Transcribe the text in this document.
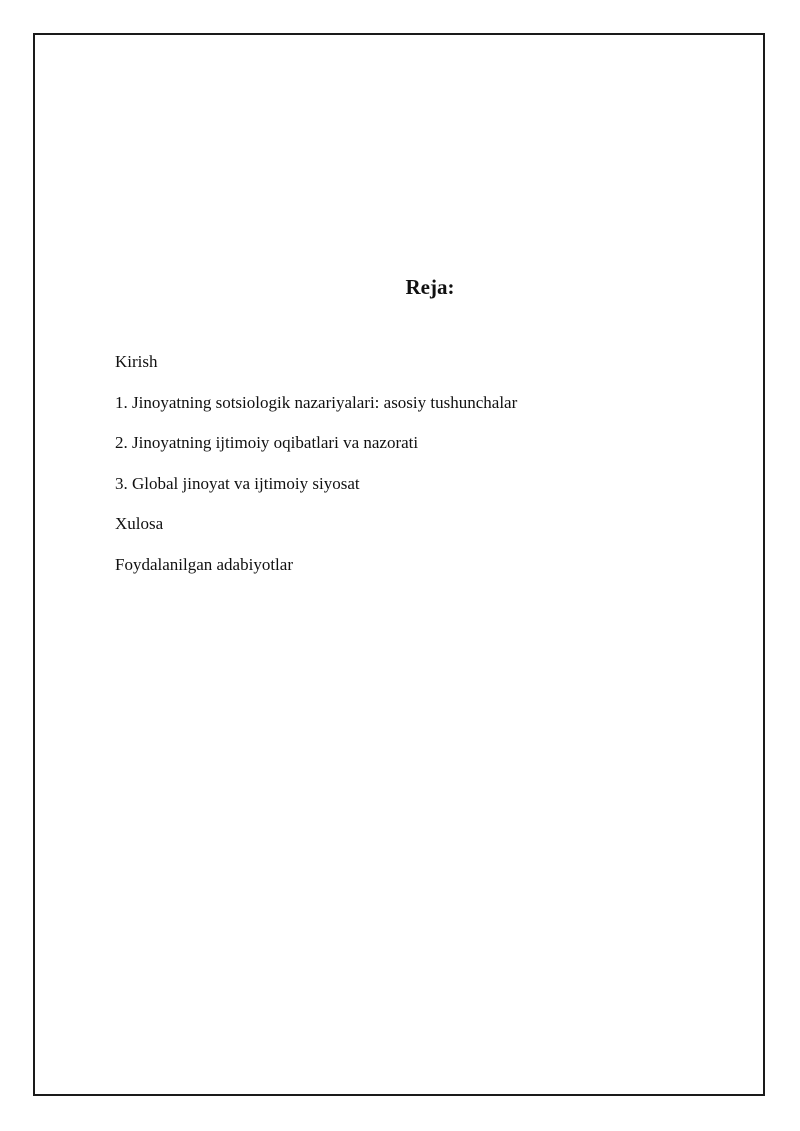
Reja:
Kirish
1. Jinoyatning sotsiologik nazariyalari: asosiy tushunchalar
2. Jinoyatning ijtimoiy oqibatlari va nazorati
3. Global jinoyat va ijtimoiy siyosat
Xulosa
Foydalanilgan adabiyotlar
